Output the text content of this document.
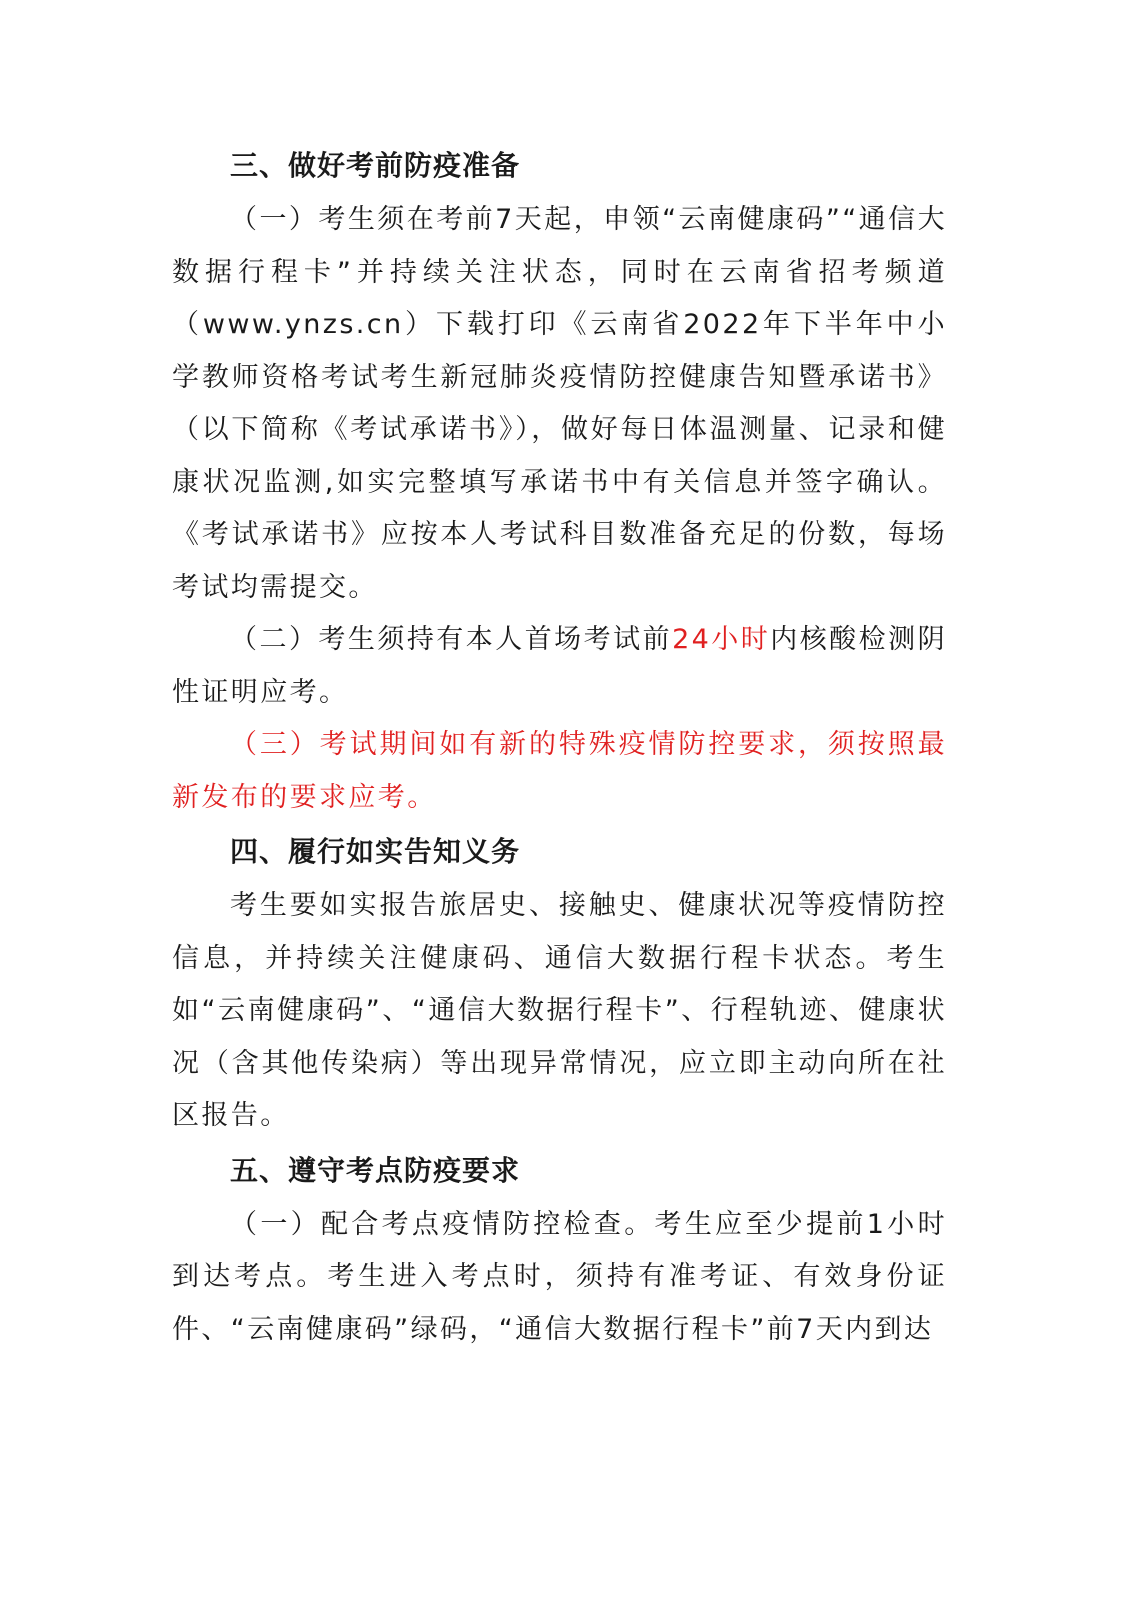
三、做好考前防疫准备

（一）考生须在考前7天起，申领“云南健康码”“通信大数据行程卡”并持续关注状态，同时在云南省招考频道（www.ynzs.cn）下载打印《云南省2022年下半年中小学教师资格考试考生新冠肺炎疫情防控健康告知暨承诺书》（以下简称《考试承诺书》），做好每日体温测量、记录和健康状况监测,如实完整填写承诺书中有关信息并签字确认。《考试承诺书》应按本人考试科目数准备充足的份数，每场考试均需提交。

（二）考生须持有本人首场考试前24小时内核酸检测阴性证明应考。

（三）考试期间如有新的特殊疫情防控要求，须按照最新发布的要求应考。

四、履行如实告知义务

考生要如实报告旅居史、接触史、健康状况等疫情防控信息，并持续关注健康码、通信大数据行程卡状态。考生如“云南健康码”、“通信大数据行程卡”、行程轨迹、健康状况（含其他传染病）等出现异常情况，应立即主动向所在社区报告。

五、遵守考点防疫要求

（一）配合考点疫情防控检查。考生应至少提前1小时到达考点。考生进入考点时，须持有准考证、有效身份证件、“云南健康码”绿码，“通信大数据行程卡”前7天内到达
